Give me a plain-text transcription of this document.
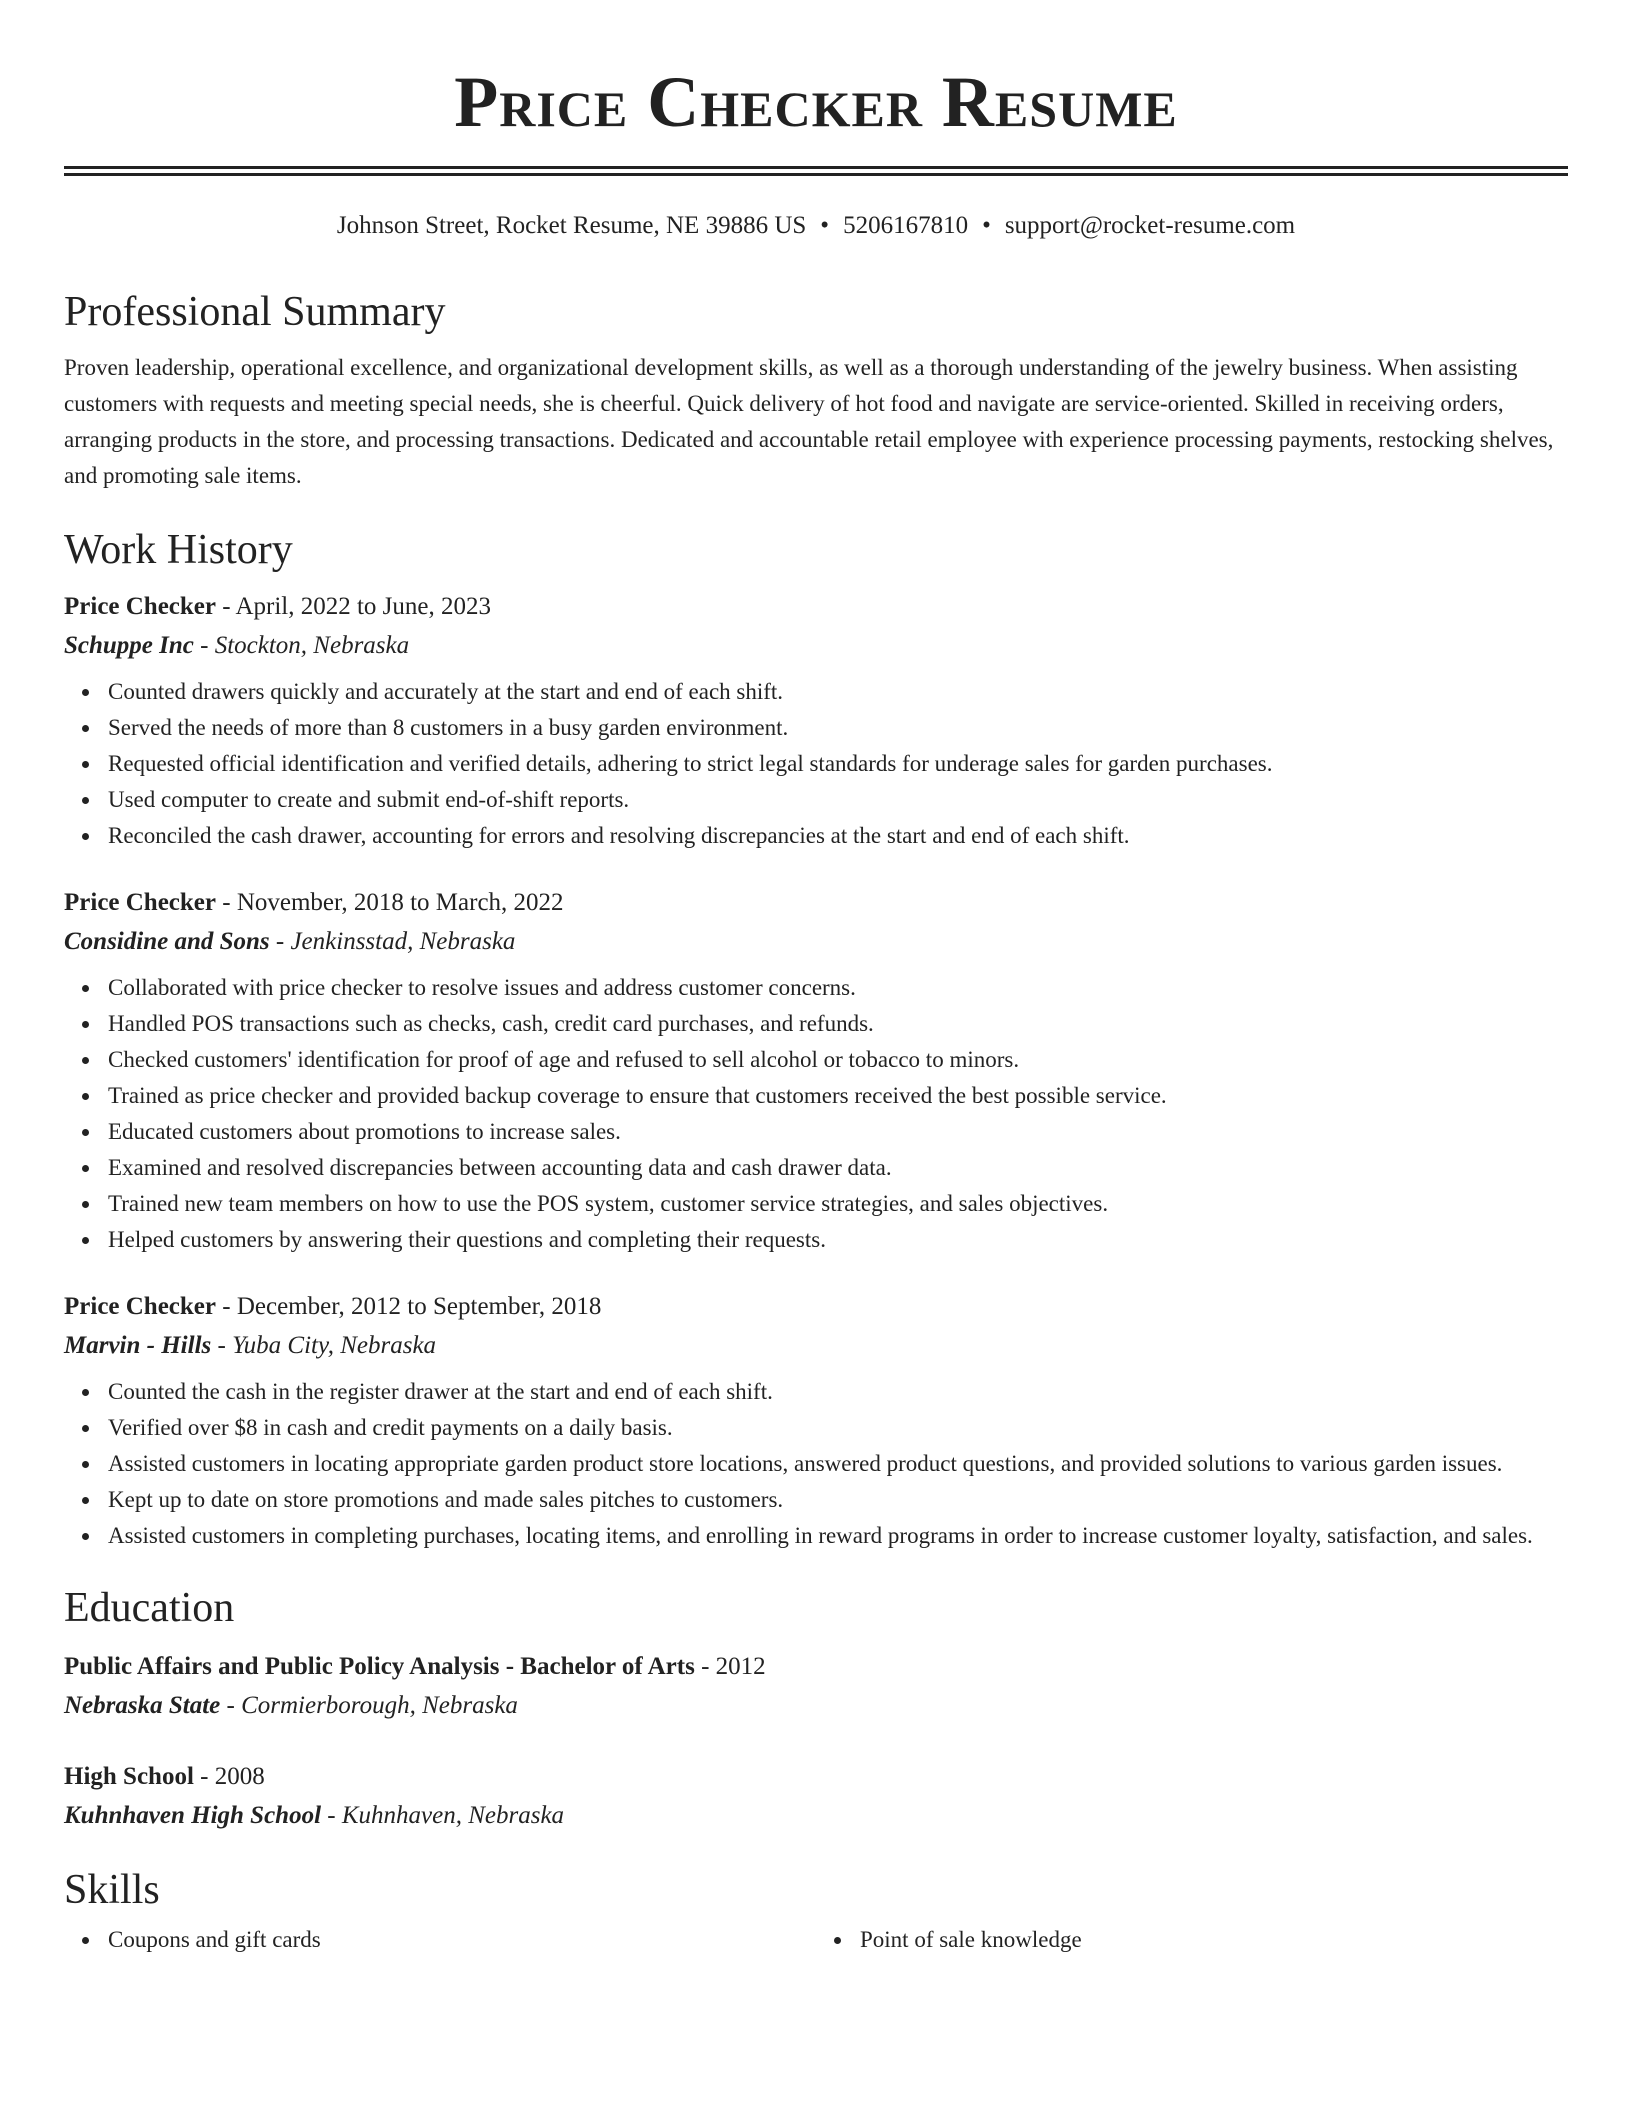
Price Checker Resume
Johnson Street, Rocket Resume, NE 39886 US • 5206167810 • support@rocket-resume.com
Professional Summary

Proven leadership, operational excellence, and organizational development skills, as well as a thorough understanding of the jewelry business. When assisting customers with requests and meeting special needs, she is cheerful. Quick delivery of hot food and navigate are service-oriented. Skilled in receiving orders, arranging products in the store, and processing transactions. Dedicated and accountable retail employee with experience processing payments, restocking shelves, and promoting sale items.

Work History
Price Checker - April, 2022 to June, 2023
Schuppe Inc - Stockton, Nebraska
Counted drawers quickly and accurately at the start and end of each shift.
Served the needs of more than 8 customers in a busy garden environment.
Requested official identification and verified details, adhering to strict legal standards for underage sales for garden purchases.
Used computer to create and submit end-of-shift reports.
Reconciled the cash drawer, accounting for errors and resolving discrepancies at the start and end of each shift.
Price Checker - November, 2018 to March, 2022
Considine and Sons - Jenkinsstad, Nebraska
Collaborated with price checker to resolve issues and address customer concerns.
Handled POS transactions such as checks, cash, credit card purchases, and refunds.
Checked customers' identification for proof of age and refused to sell alcohol or tobacco to minors.
Trained as price checker and provided backup coverage to ensure that customers received the best possible service.
Educated customers about promotions to increase sales.
Examined and resolved discrepancies between accounting data and cash drawer data.
Trained new team members on how to use the POS system, customer service strategies, and sales objectives.
Helped customers by answering their questions and completing their requests.
Price Checker - December, 2012 to September, 2018
Marvin - Hills - Yuba City, Nebraska
Counted the cash in the register drawer at the start and end of each shift.
Verified over $8 in cash and credit payments on a daily basis.
Assisted customers in locating appropriate garden product store locations, answered product questions, and provided solutions to various garden issues.
Kept up to date on store promotions and made sales pitches to customers.
Assisted customers in completing purchases, locating items, and enrolling in reward programs in order to increase customer loyalty, satisfaction, and sales.
Education
Public Affairs and Public Policy Analysis - Bachelor of Arts - 2012
Nebraska State - Cormierborough, Nebraska
High School - 2008
Kuhnhaven High School - Kuhnhaven, Nebraska
Skills
Coupons and gift cards	Point of sale knowledge
